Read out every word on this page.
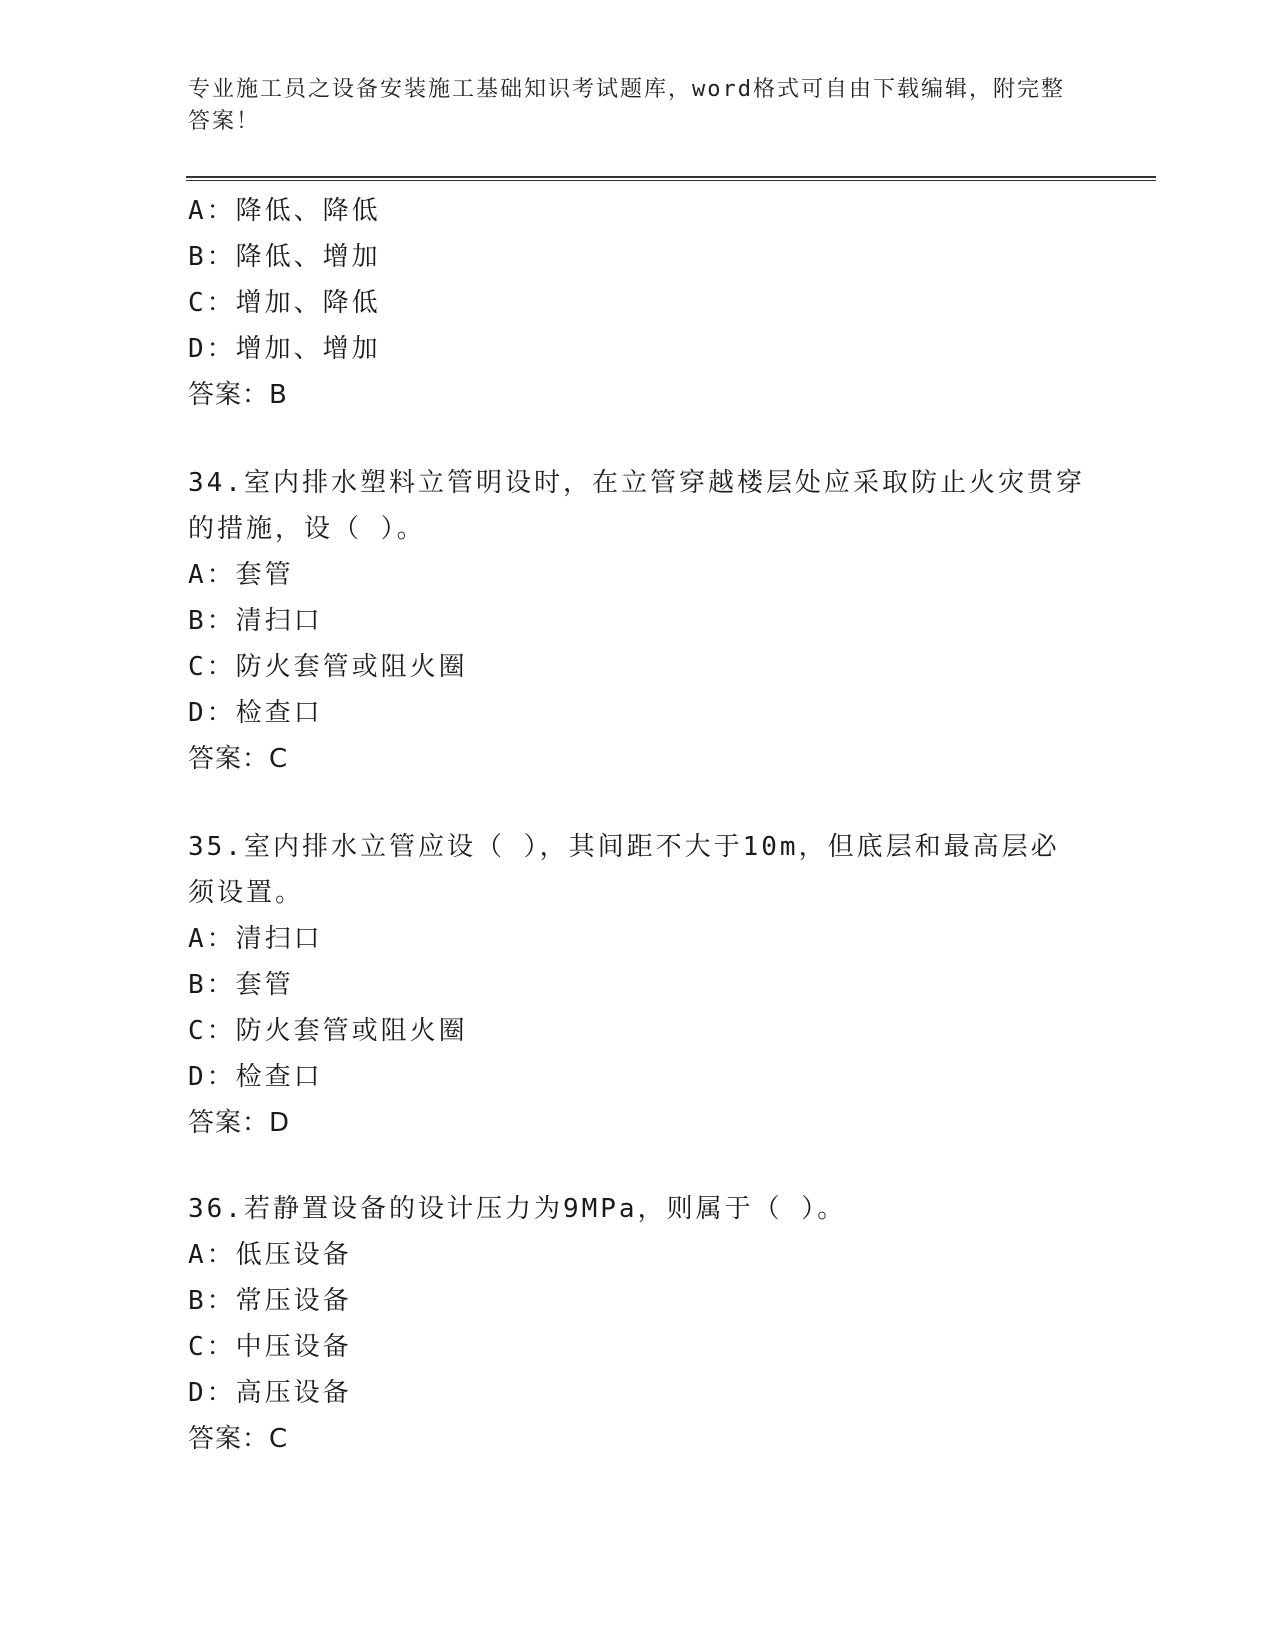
专业施工员之设备安装施工基础知识考试题库，word格式可自由下载编辑，附完整答案！
A：降低、降低
B：降低、增加
C：增加、降低
D：增加、增加
答案：B
34.室内排水塑料立管明设时，在立管穿越楼层处应采取防止火灾贯穿的措施，设（ ）。
A：套管
B：清扫口
C：防火套管或阻火圈
D：检查口
答案：C
35.室内排水立管应设（ ），其间距不大于10m，但底层和最高层必须设置。
A：清扫口
B：套管
C：防火套管或阻火圈
D：检查口
答案：D
36.若静置设备的设计压力为9MPa，则属于（ ）。
A：低压设备
B：常压设备
C：中压设备
D：高压设备
答案：C
